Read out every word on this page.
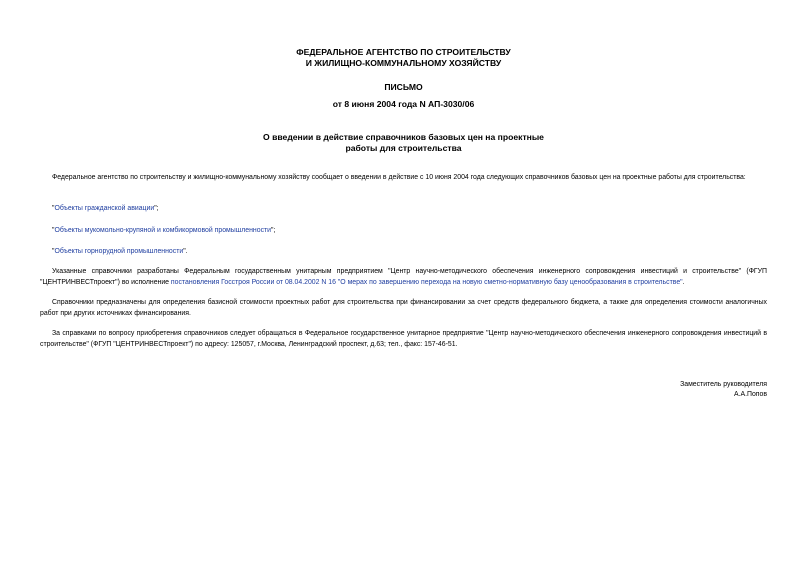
ФЕДЕРАЛЬНОЕ АГЕНТСТВО ПО СТРОИТЕЛЬСТВУ
И ЖИЛИЩНО-КОММУНАЛЬНОМУ ХОЗЯЙСТВУ
ПИСЬМО
от 8 июня 2004 года N АП-3030/06
О введении в действие справочников базовых цен на проектные
работы для строительства
Федеральное агентство по строительству и жилищно-коммунальному хозяйству сообщает о введении в действие с 10 июня 2004 года следующих справочников базовых цен на проектные работы для строительства:
"Объекты гражданской авиации";
"Объекты мукомольно-крупяной и комбикормовой промышленности";
"Объекты горнорудной промышленности".
Указанные справочники разработаны Федеральным государственным унитарным предприятием "Центр научно-методического обеспечения инженерного сопровождения инвестиций и строительстве" (ФГУП "ЦЕНТРИНВЕСТпроект") во исполнение постановления Госстроя России от 08.04.2002 N 16 "О мерах по завершению перехода на новую сметно-нормативную базу ценообразования в строительстве".
Справочники предназначены для определения базисной стоимости проектных работ для строительства при финансировании за счет средств федерального бюджета, а также для определения стоимости аналогичных работ при других источниках финансирования.
За справками по вопросу приобретения справочников следует обращаться в Федеральное государственное унитарное предприятие "Центр научно-методического обеспечения инженерного сопровождения инвестиций в строительстве" (ФГУП "ЦЕНТРИНВЕСТпроект") по адресу: 125057, г.Москва, Ленинградский проспект, д.63; тел., факс: 157-46-51.
Заместитель руководителя
А.А.Попов
